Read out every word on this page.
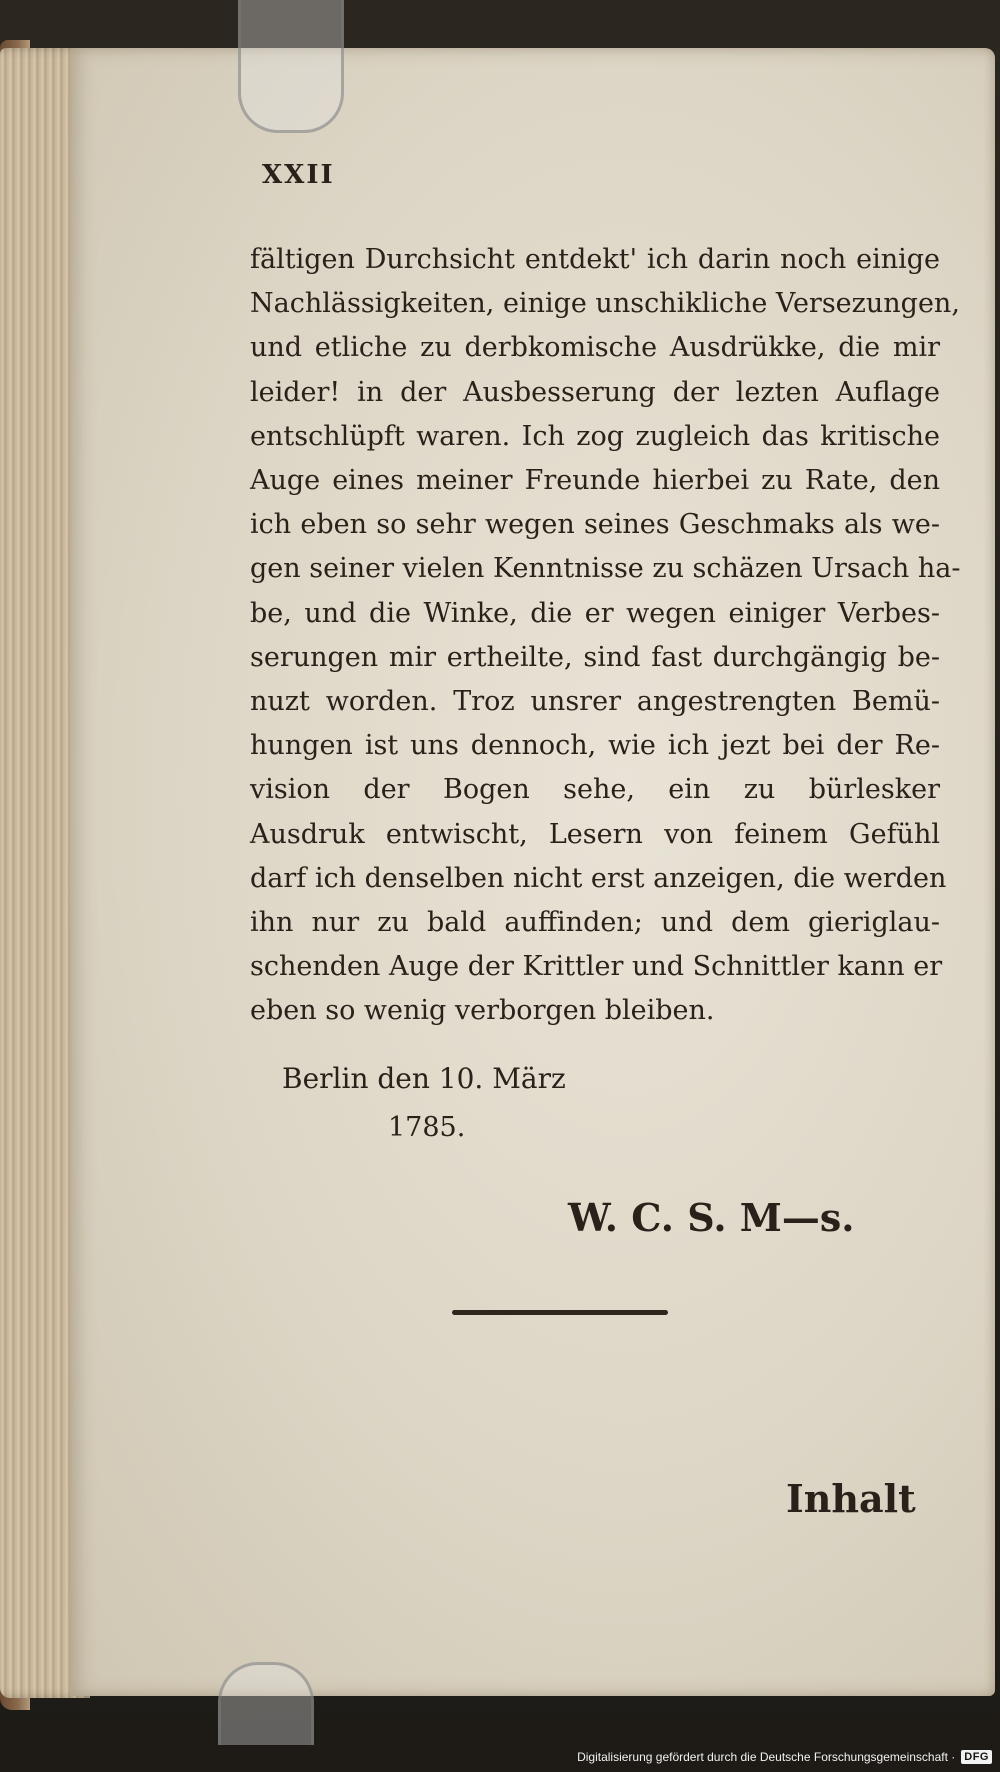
XXII
fältigen Durchsicht entdekt' ich darin noch einige
Nachlässigkeiten, einige unschikliche Versezungen,
und etliche zu derbkomische Ausdrükke, die mir
leider! in der Ausbesserung der lezten Auflage
entschlüpft waren. Ich zog zugleich das kritische
Auge eines meiner Freunde hierbei zu Rate, den
ich eben so sehr wegen seines Geschmaks als we-
gen seiner vielen Kenntnisse zu schäzen Ursach ha-
be, und die Winke, die er wegen einiger Verbes-
serungen mir ertheilte, sind fast durchgängig be-
nuzt worden. Troz unsrer angestrengten Bemü-
hungen ist uns dennoch, wie ich jezt bei der Re-
vision der Bogen sehe, ein zu bürlesker
Ausdruk entwischt, Lesern von feinem Gefühl
darf ich denselben nicht erst anzeigen, die werden
ihn nur zu bald auffinden; und dem gieriglau-
schenden Auge der Krittler und Schnittler kann er
eben so wenig verborgen bleiben.
Berlin den 10. März
1785.
W. C. S. M—s.
Inhalt
Digitalisierung gefördert durch die Deutsche Forschungsgemeinschaft · DFG
